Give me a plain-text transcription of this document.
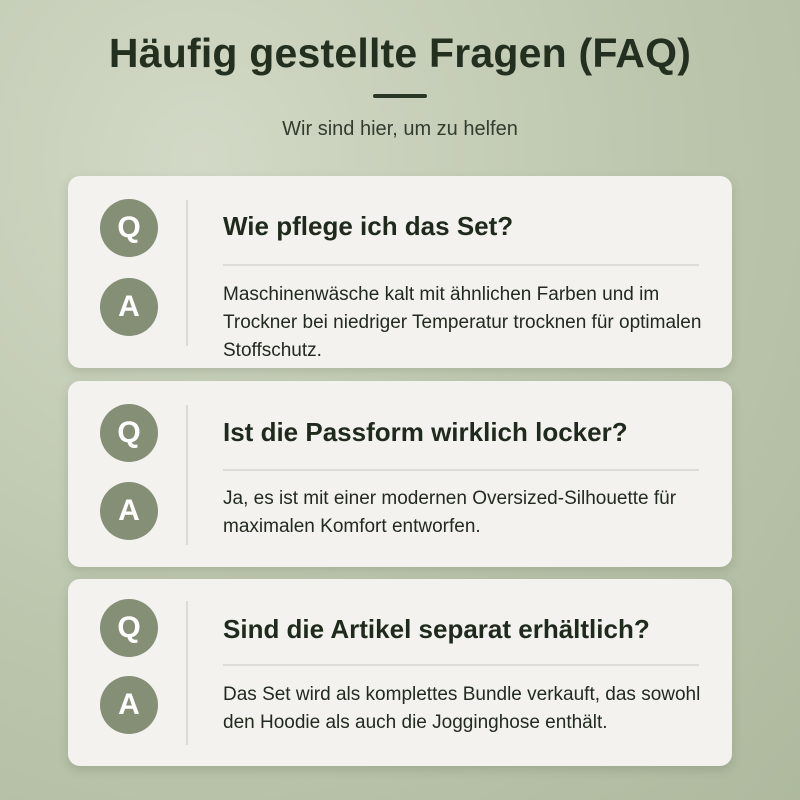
Häufig gestellte Fragen (FAQ)
Wir sind hier, um zu helfen
Q
A
Wie pflege ich das Set?
Maschinenwäsche kalt mit ähnlichen Farben und im Trockner bei niedriger Temperatur trocknen für optimalen Stoffschutz.
Q
A
Ist die Passform wirklich locker?
Ja, es ist mit einer modernen Oversized-Silhouette für maximalen Komfort entworfen.
Q
A
Sind die Artikel separat erhältlich?
Das Set wird als komplettes Bundle verkauft, das sowohl den Hoodie als auch die Jogginghose enthält.
